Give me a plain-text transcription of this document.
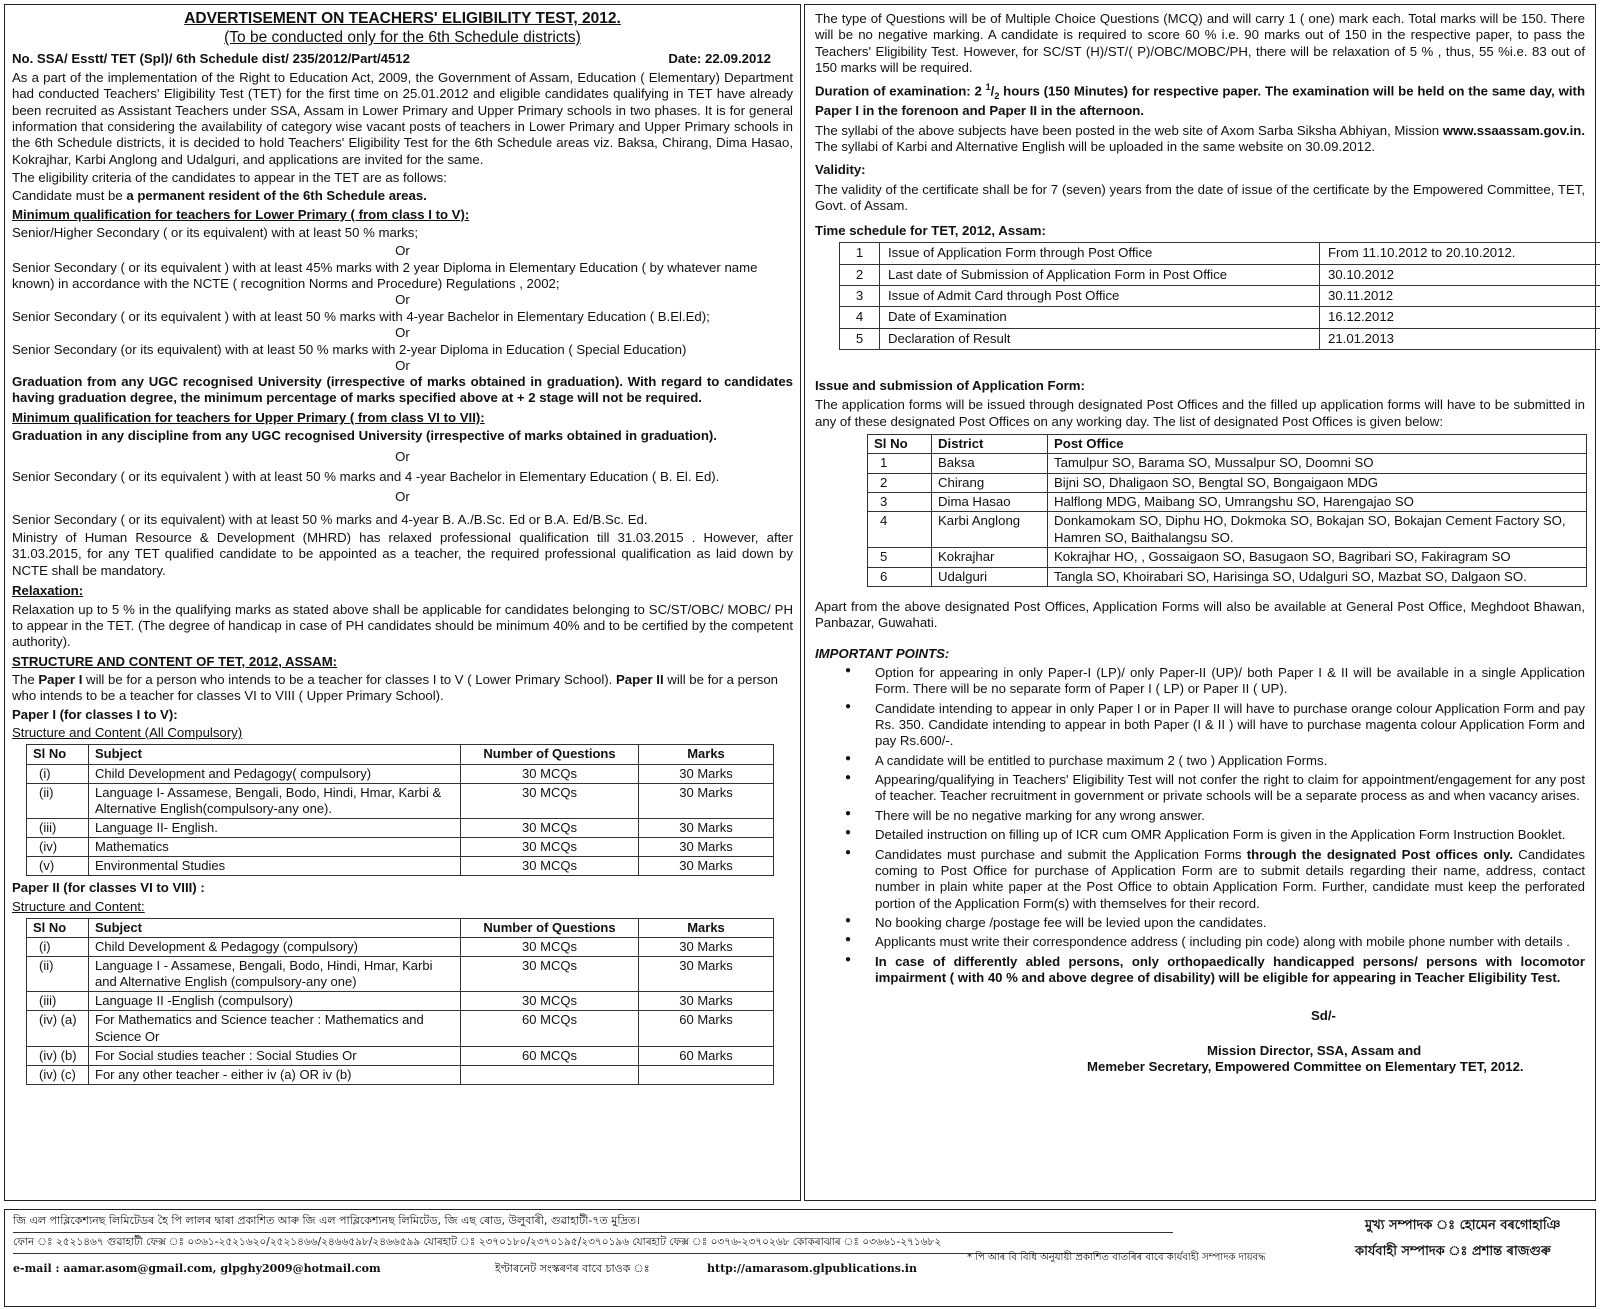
ADVERTISEMENT ON TEACHERS' ELIGIBILITY TEST, 2012.
(To be conducted only for the 6th Schedule districts)
No. SSA/ Esstt/ TET (Spl)/ 6th Schedule dist/ 235/2012/Part/4512	Date: 22.09.2012

As a part of the implementation of the Right to Education Act, 2009, the Government of Assam, Education ( Elementary) Department had conducted Teachers' Eligibility Test (TET) for the first time on 25.01.2012 and eligible candidates qualifying in TET have already been recruited as Assistant Teachers under SSA, Assam in Lower Primary and Upper Primary schools in two phases. It is for general information that considering the availability of category wise vacant posts of teachers in Lower Primary and Upper Primary schools in the 6th Schedule districts, it is decided to hold Teachers' Eligibility Test for the 6th Schedule areas viz. Baksa, Chirang, Dima Hasao, Kokrajhar, Karbi Anglong and Udalguri, and applications are invited for the same.

The eligibility criteria of the candidates to appear in the TET are as follows:

Candidate must be a permanent resident of the 6th Schedule areas.

Minimum qualification for teachers for Lower Primary ( from class I to V):

Senior/Higher Secondary ( or its equivalent) with at least 50 % marks;

Or

Senior Secondary ( or its equivalent ) with at least 45% marks with 2 year Diploma in Elementary Education ( by whatever name known) in accordance with the NCTE ( recognition Norms and Procedure) Regulations , 2002;

Or

Senior Secondary ( or its equivalent ) with at least 50 % marks with 4-year Bachelor in Elementary Education ( B.El.Ed);

Or

Senior Secondary (or its equivalent) with at least 50 % marks with 2-year Diploma in Education ( Special Education)

Or

Graduation from any UGC recognised University (irrespective of marks obtained in graduation). With regard to candidates having graduation degree, the minimum percentage of marks specified above at + 2 stage will not be required.

Minimum qualification for teachers for Upper Primary ( from class VI to VII):

Graduation in any discipline from any UGC recognised University (irrespective of marks obtained in graduation).

Or

Senior Secondary ( or its equivalent ) with at least 50 % marks and 4 -year Bachelor in Elementary Education ( B. El. Ed).

Or

Senior Secondary ( or its equivalent) with at least 50 % marks and 4-year B. A./B.Sc. Ed or B.A. Ed/B.Sc. Ed.

Ministry of Human Resource & Development (MHRD) has relaxed professional qualification till 31.03.2015 . However, after 31.03.2015, for any TET qualified candidate to be appointed as a teacher, the required professional qualification as laid down by NCTE shall be mandatory.

Relaxation:

Relaxation up to 5 % in the qualifying marks as stated above shall be applicable for candidates belonging to SC/ST/OBC/ MOBC/ PH to appear in the TET. (The degree of handicap in case of PH candidates should be minimum 40% and to be certified by the competent authority).

STRUCTURE AND CONTENT OF TET, 2012, ASSAM:

The Paper I will be for a person who intends to be a teacher for classes I to V ( Lower Primary School). Paper II will be for a person who intends to be a teacher for classes VI to VIII ( Upper Primary School).

Paper I (for classes I to V):

Structure and Content (All Compulsory)

Sl No	Subject	Number of Questions	Marks
(i)	Child Development and Pedagogy( compulsory)	30 MCQs	30 Marks
(ii)	Language I- Assamese, Bengali, Bodo, Hindi, Hmar, Karbi & Alternative English(compulsory-any one).	30 MCQs	30 Marks
(iii)	Language II- English.	30 MCQs	30 Marks
(iv)	Mathematics	30 MCQs	30 Marks
(v)	Environmental Studies	30 MCQs	30 Marks

Paper II (for classes VI to VIII) :

Structure and Content:

Sl No	Subject	Number of Questions	Marks
(i)	Child Development & Pedagogy (compulsory)	30 MCQs	30 Marks
(ii)	Language I - Assamese, Bengali, Bodo, Hindi, Hmar, Karbi and Alternative English (compulsory-any one)	30 MCQs	30 Marks
(iii)	Language II -English (compulsory)	30 MCQs	30 Marks
(iv) (a)	For Mathematics and Science teacher : Mathematics and Science Or	60 MCQs	60 Marks
(iv) (b)	For Social studies teacher : Social Studies Or	60 MCQs	60 Marks
(iv) (c)	For any other teacher - either iv (a) OR iv (b)		

The type of Questions will be of Multiple Choice Questions (MCQ) and will carry 1 ( one) mark each. Total marks will be 150. There will be no negative marking. A candidate is required to score 60 % i.e. 90 marks out of 150 in the respective paper, to pass the Teachers' Eligibility Test. However, for SC/ST (H)/ST/( P)/OBC/MOBC/PH, there will be relaxation of 5 % , thus, 55 %i.e. 83 out of 150 marks will be required.

Duration of examination: 2 $^1/_2$ hours (150 Minutes) for respective paper. The examination will be held on the same day, with Paper I in the forenoon and Paper II in the afternoon.

The syllabi of the above subjects have been posted in the web site of Axom Sarba Siksha Abhiyan, Mission www.ssaassam.gov.in. The syllabi of Karbi and Alternative English will be uploaded in the same website on 30.09.2012.

Validity:

The validity of the certificate shall be for 7 (seven) years from the date of issue of the certificate by the Empowered Committee, TET, Govt. of Assam.

Time schedule for TET, 2012, Assam:

1	Issue of Application Form through Post Office	From 11.10.2012 to 20.10.2012.
2	Last date of Submission of Application Form in Post Office	30.10.2012
3	Issue of Admit Card through Post Office	30.11.2012
4	Date of Examination	16.12.2012
5	Declaration of Result	21.01.2013

Issue and submission of Application Form:

The application forms will be issued through designated Post Offices and the filled up application forms will have to be submitted in any of these designated Post Offices on any working day. The list of designated Post Offices is given below:

Sl No	District	Post Office
1	Baksa	Tamulpur SO, Barama SO, Mussalpur SO, Doomni SO
2	Chirang	Bijni SO, Dhaligaon SO, Bengtal SO, Bongaigaon MDG
3	Dima Hasao	Halflong MDG, Maibang SO, Umrangshu SO, Harengajao SO
4	Karbi Anglong	Donkamokam SO, Diphu HO, Dokmoka SO, Bokajan SO, Bokajan Cement Factory SO, Hamren SO, Baithalangsu SO.
5	Kokrajhar	Kokrajhar HO, , Gossaigaon SO, Basugaon SO, Bagribari SO, Fakiragram SO
6	Udalguri	Tangla SO, Khoirabari SO, Harisinga SO, Udalguri SO, Mazbat SO, Dalgaon SO.

Apart from the above designated Post Offices, Application Forms will also be available at General Post Office, Meghdoot Bhawan, Panbazar, Guwahati.

IMPORTANT POINTS:

● Option for appearing in only Paper-I (LP)/ only Paper-II (UP)/ both Paper I & II will be available in a single Application Form. There will be no separate form of Paper I ( LP) or Paper II ( UP).
● Candidate intending to appear in only Paper I or in Paper II will have to purchase orange colour Application Form and pay Rs. 350. Candidate intending to appear in both Paper (I & II ) will have to purchase magenta colour Application Form and pay Rs.600/-.
● A candidate will be entitled to purchase maximum 2 ( two ) Application Forms.
● Appearing/qualifying in Teachers' Eligibility Test will not confer the right to claim for appointment/engagement for any post of teacher. Teacher recruitment in government or private schools will be a separate process as and when vacancy arises.
● There will be no negative marking for any wrong answer.
● Detailed instruction on filling up of ICR cum OMR Application Form is given in the Application Form Instruction Booklet.
● Candidates must purchase and submit the Application Forms through the designated Post offices only. Candidates coming to Post Office for purchase of Application Form are to submit details regarding their name, address, contact number in plain white paper at the Post Office to obtain Application Form. Further, candidate must keep the perforated portion of the Application Form(s) with themselves for their record.
● No booking charge /postage fee will be levied upon the candidates.
● Applicants must write their correspondence address ( including pin code) along with mobile phone number with details .
● In case of differently abled persons, only orthopaedically handicapped persons/ persons with locomotor impairment ( with 40 % and above degree of disability) will be eligible for appearing in Teacher Eligibility Test.

Sd/-

Mission Director, SSA, Assam and

Memeber Secretary, Empowered Committee on Elementary TET, 2012.

জি এল পাব্লিকেশ্যনছ লিমিটেডৰ হৈ পি লালৰ দ্বাৰা প্ৰকাশিত আৰু জি এল পাব্লিকেশ্যনছ লিমিটেড, জি এছ ৰোড, উলুবাৰী, গুৱাহাটী-৭ত মুদ্ৰিত।
ফোন ঃ ২৫২১৪৬৭ গুৱাহাটী ফেক্স ঃ ০৩৬১-২৫২১৬২০/২৫২১৪৬৬/২৪৬৬৫৯৮/২৪৬৬৫৯৯ যোৰহাট ঃ ২৩৭০১৮০/২৩৭০১৯৫/২৩৭০১৯৬ যোৰহাট ফেক্স ঃ ০৩৭৬-২৩৭০২৬৮ কোকৰাঝাৰ ঃ ০৩৬৬১-২৭১৬৮২
e-mail : aamar.asom@gmail.com, glpghy2009@hotmail.com	ইণ্টাৰনেট সংস্কৰণৰ বাবে চাওক ঃ	http://amarasom.glpublications.in
* পি আৰ বি বিধি অনুযায়ী প্ৰকাশিত বাতৰিৰ বাবে কাৰ্যবাহী সম্পাদক দায়বদ্ধ
মুখ্য সম্পাদক ঃ হোমেন বৰগোহাঞি
কাৰ্যবাহী সম্পাদক ঃ প্ৰশান্ত ৰাজগুৰু
